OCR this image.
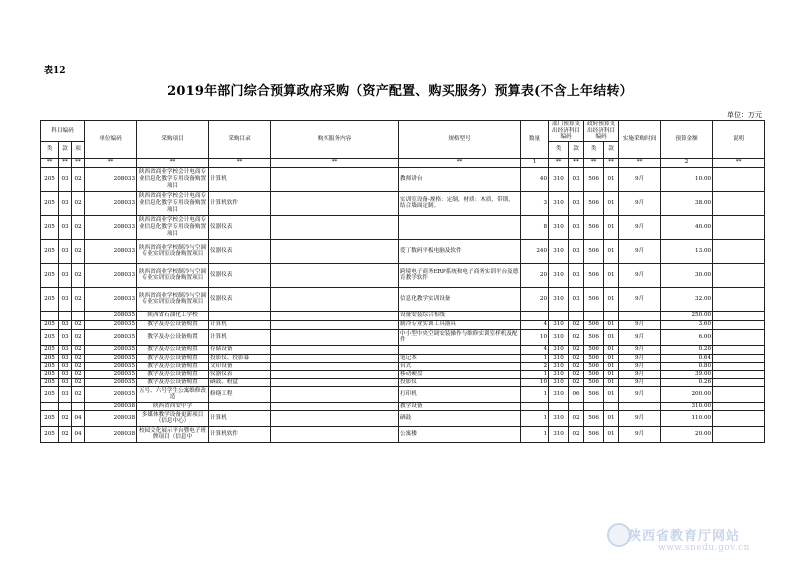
表12
2019年部门综合预算政府采购（资产配置、购买服务）预算表(不含上年结转）
单位：万元
科目编码			单位编码	采购项目	采购目录	购买服务内容	规格型号	数量	部门预算支出经济科目编码		政府预算支出经济科目编码		实施采购时间	预算金额	说明
类	款	项							类	款	类	款			

**	**	**	**	**	**	**	**	1	**	**	**	**	**	2	**
205	03	02	208033	陕西省商业学校会计电商专业信息化教学专用设备购置项目	计算机		教师讲台	40	310	03	506	01	9月	10.00	
205	03	02	208033	陕西省商业学校会计电商专业信息化教学专用设备购置项目	计算机软件		实训室设备-规格：定制，材质：木质，带锁，结合墙面定制。	3	310	03	506	01	9月	38.00	
205	03	02	208033	陕西省商业学校会计电商专业信息化教学专用设备购置项目	仪器仪表			8	310	03	506	01	9月	40.00	
205	03	02	208033	陕西省商业学校制冷与空调专业实训室设备购置项目	仪器仪表		爱丁数码平板电脑及软件	240	310	03	506	01	9月	13.00	
205	03	02	208033	陕西省商业学校制冷与空调专业实训室设备购置项目	仪器仪表		跨境电子商务ERP系统和电子商务实训平台及德育教学软件	20	310	03	506	01	9月	30.00	
205	03	02	208033	陕西省商业学校制冷与空调专业实训室设备购置项目	仪器仪表		信息化教学实训设备	20	310	03	506	01	9月	32.00	
			208035	陕西省石油化工学校			设备安装综合布线							250.00	
205	03	02	208035	教学及办公设备购置	计算机		制冷专业实训工具器具	4	310	02	506	01	9月	3.60	
205	03	02	208035	教学及办公设备购置	计算机		中小型中央空调安装操作与维修实训室样机及配件	10	310	02	506	01	9月	6.00	
205	03	02	208035	教学及办公设备购置	存储设备			4	310	02	506	01	9月	0.20	
205	03	02	208035	教学及办公设备购置	投影仪、投影幕		笔记本	1	310	02	506	01	9月	0.64	
205	03	02	208035	教学及办公设备购置	文印设备		台式	2	310	02	506	01	9月	0.80	
205	03	02	208035	教学及办公设备购置	仪器仪表		移动硬盘	1	310	02	506	01	9月	39.00	
205	03	02	208035	教学及办公设备购置	硒鼓、粉盒		投影仪	10	310	02	506	01	9月	0.26	
205	03	02	208035	五号、六号学生公寓维修改造	修缮工程		打印机	1	310	06	506	01	9月	200.00	
			208038	陕西省西安中学			教学设备							310.00	
205	02	04	208038	多媒体教学设备更新项目（信息中心）	计算机		硒鼓	1	310	02	506	01	9月	110.00	
205	02	04	208038	校园文化展示平台暨电子班牌项目（信息中	计算机软件		公寓楼	1	310	02	506	01	9月	20.00	
陕西省教育厅网站
www.snedu.gov.cn
